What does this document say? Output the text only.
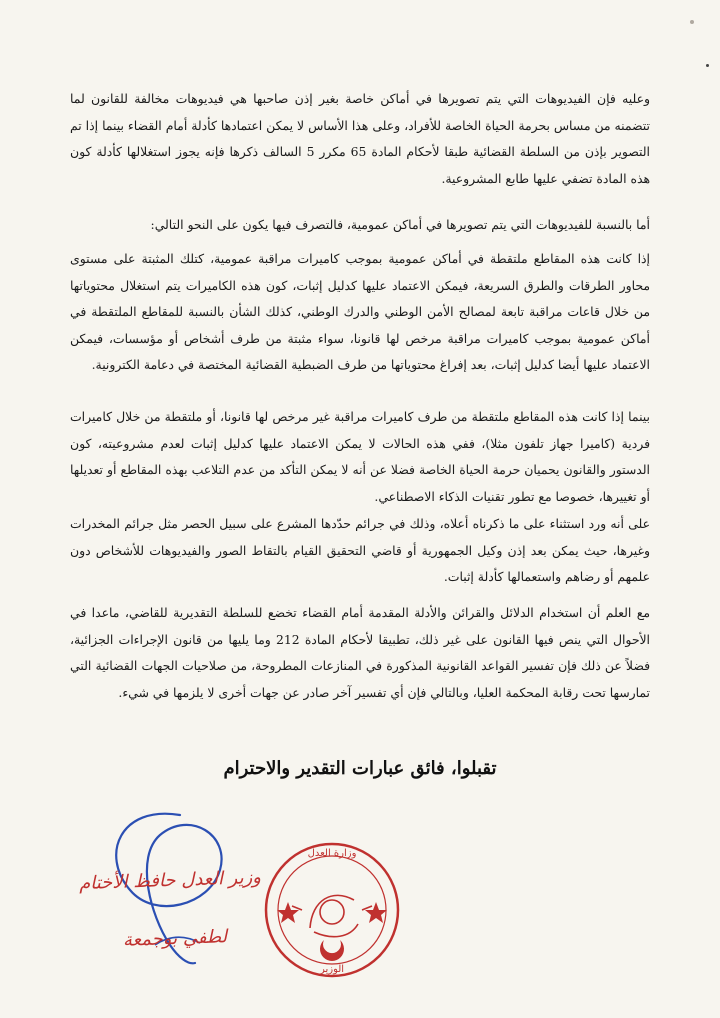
وعليه فإن الفيديوهات التي يتم تصويرها في أماكن خاصة بغير إذن صاحبها هي فيديوهات مخالفة للقانون لما تتضمنه من مساس بحرمة الحياة الخاصة للأفراد، وعلى هذا الأساس لا يمكن اعتمادها كأدلة أمام القضاء بينما إذا تم التصوير بإذن من السلطة القضائية طبقا لأحكام المادة 65 مكرر 5 السالف ذكرها فإنه يجوز استغلالها كأدلة كون هذه المادة تضفي عليها طابع المشروعية.

أما بالنسبة للفيديوهات التي يتم تصويرها في أماكن عمومية، فالتصرف فيها يكون على النحو التالي:

إذا كانت هذه المقاطع ملتقطة في أماكن عمومية بموجب كاميرات مراقبة عمومية، كتلك المثبتة على مستوى محاور الطرقات والطرق السريعة، فيمكن الاعتماد عليها كدليل إثبات، كون هذه الكاميرات يتم استغلال محتوياتها من خلال قاعات مراقبة تابعة لمصالح الأمن الوطني والدرك الوطني، كذلك الشأن بالنسبة للمقاطع الملتقطة في أماكن عمومية بموجب كاميرات مراقبة مرخص لها قانونا، سواء مثبتة من طرف أشخاص أو مؤسسات، فيمكن الاعتماد عليها أيضا كدليل إثبات، بعد إفراغ محتوياتها من طرف الضبطية القضائية المختصة في دعامة الكترونية.

بينما إذا كانت هذه المقاطع ملتقطة من طرف كاميرات مراقبة غير مرخص لها قانونا، أو ملتقطة من خلال كاميرات فردية (كاميرا جهاز تلفون مثلا)، ففي هذه الحالات لا يمكن الاعتماد عليها كدليل إثبات لعدم مشروعيته، كون الدستور والقانون يحميان حرمة الحياة الخاصة فضلا عن أنه لا يمكن التأكد من عدم التلاعب بهذه المقاطع أو تعديلها أو تغييرها، خصوصا مع تطور تقنيات الذكاء الاصطناعي.

على أنه ورد استثناء على ما ذكرناه أعلاه، وذلك في جرائم حدّدها المشرع على سبيل الحصر مثل جرائم المخدرات وغيرها، حيث يمكن بعد إذن وكيل الجمهورية أو قاضي التحقيق القيام بالتقاط الصور والفيديوهات للأشخاص دون علمهم أو رضاهم واستعمالها كأدلة إثبات.

مع العلم أن استخدام الدلائل والقرائن والأدلة المقدمة أمام القضاء تخضع للسلطة التقديرية للقاضي، ماعدا في الأحوال التي ينص فيها القانون على غير ذلك، تطبيقا لأحكام المادة 212 وما يليها من قانون الإجراءات الجزائية، فضلاً عن ذلك فإن تفسير القواعد القانونية المذكورة في المنازعات المطروحة، من صلاحيات الجهات القضائية التي تمارسها تحت رقابة المحكمة العليا، وبالتالي فإن أي تفسير آخر صادر عن جهات أخرى لا يلزمها في شيء.

تقبلوا، فائق عبارات التقدير والاحترام
وزير العدل حافظ الأختام
لطفي بوجمعة
وزارة العدل
الوزير
